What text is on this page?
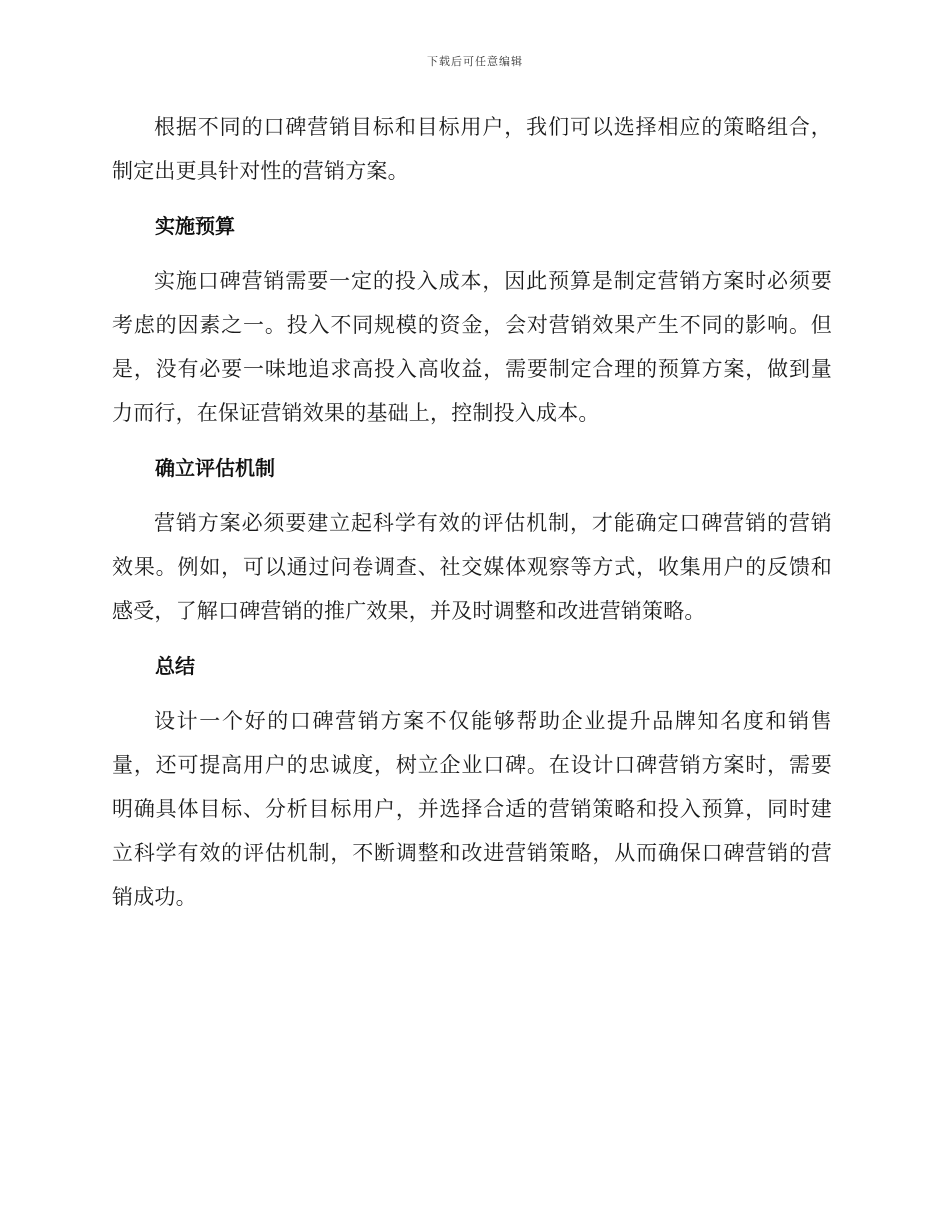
下载后可任意编辑

根据不同的口碑营销目标和目标用户，我们可以选择相应的策略组合，制定出更具针对性的营销方案。

实施预算

实施口碑营销需要一定的投入成本，因此预算是制定营销方案时必须要考虑的因素之一。投入不同规模的资金，会对营销效果产生不同的影响。但是，没有必要一味地追求高投入高收益，需要制定合理的预算方案，做到量力而行，在保证营销效果的基础上，控制投入成本。

确立评估机制

营销方案必须要建立起科学有效的评估机制，才能确定口碑营销的营销效果。例如，可以通过问卷调查、社交媒体观察等方式，收集用户的反馈和感受，了解口碑营销的推广效果，并及时调整和改进营销策略。

总结

设计一个好的口碑营销方案不仅能够帮助企业提升品牌知名度和销售量，还可提高用户的忠诚度，树立企业口碑。在设计口碑营销方案时，需要明确具体目标、分析目标用户，并选择合适的营销策略和投入预算，同时建立科学有效的评估机制，不断调整和改进营销策略，从而确保口碑营销的营销成功。
